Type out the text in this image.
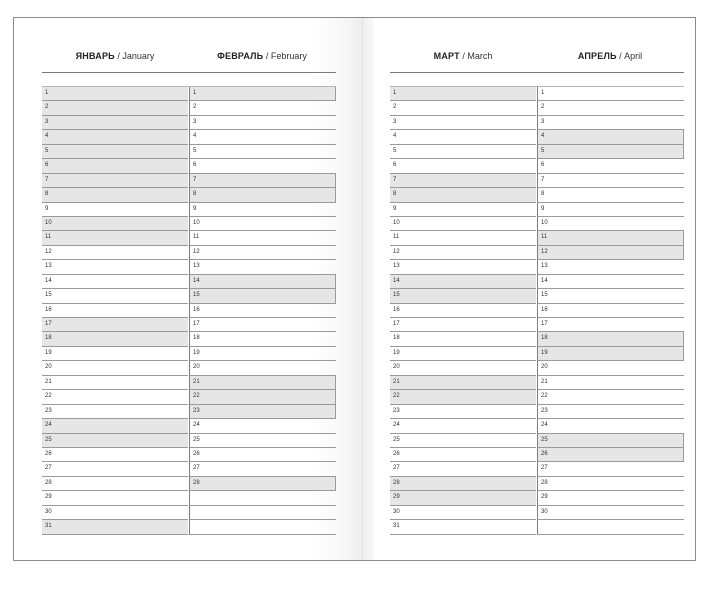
ЯНВАРЬ / January	ФЕВРАЛЬ / February
1
2
3
4
5
6
7
8
9
10
11
12
13
14
15
16
17
18
19
20
21
22
23
24
25
26
27
28
29
30
31
1
2
3
4
5
6
7
8
9
10
11
12
13
14
15
16
17
18
19
20
21
22
23
24
25
26
27
28
МАРТ / March	АПРЕЛЬ / April
1
2
3
4
5
6
7
8
9
10
11
12
13
14
15
16
17
18
19
20
21
22
23
24
25
26
27
28
29
30
31
1
2
3
4
5
6
7
8
9
10
11
12
13
14
15
16
17
18
19
20
21
22
23
24
25
26
27
28
29
30
